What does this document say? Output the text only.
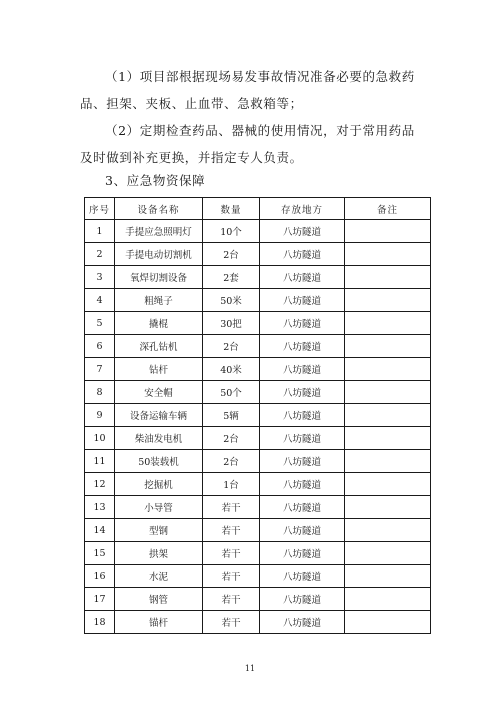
（1）项目部根据现场易发事故情况准备必要的急救药品、担架、夹板、止血带、急救箱等；

（2）定期检查药品、器械的使用情况，对于常用药品及时做到补充更换，并指定专人负责。

3、应急物资保障

序号	设备名称	数量	存放地方	备注
1	手提应急照明灯	10个	八坊隧道	
2	手提电动切割机	2台	八坊隧道	
3	氧焊切割设备	2套	八坊隧道	
4	粗绳子	50米	八坊隧道	
5	撬棍	30把	八坊隧道	
6	深孔钻机	2台	八坊隧道	
7	钻杆	40米	八坊隧道	
8	安全帽	50个	八坊隧道	
9	设备运输车辆	5辆	八坊隧道	
10	柴油发电机	2台	八坊隧道	
11	50装载机	2台	八坊隧道	
12	挖掘机	1台	八坊隧道	
13	小导管	若干	八坊隧道	
14	型钢	若干	八坊隧道	
15	拱架	若干	八坊隧道	
16	水泥	若干	八坊隧道	
17	钢管	若干	八坊隧道	
18	锚杆	若干	八坊隧道	
11
